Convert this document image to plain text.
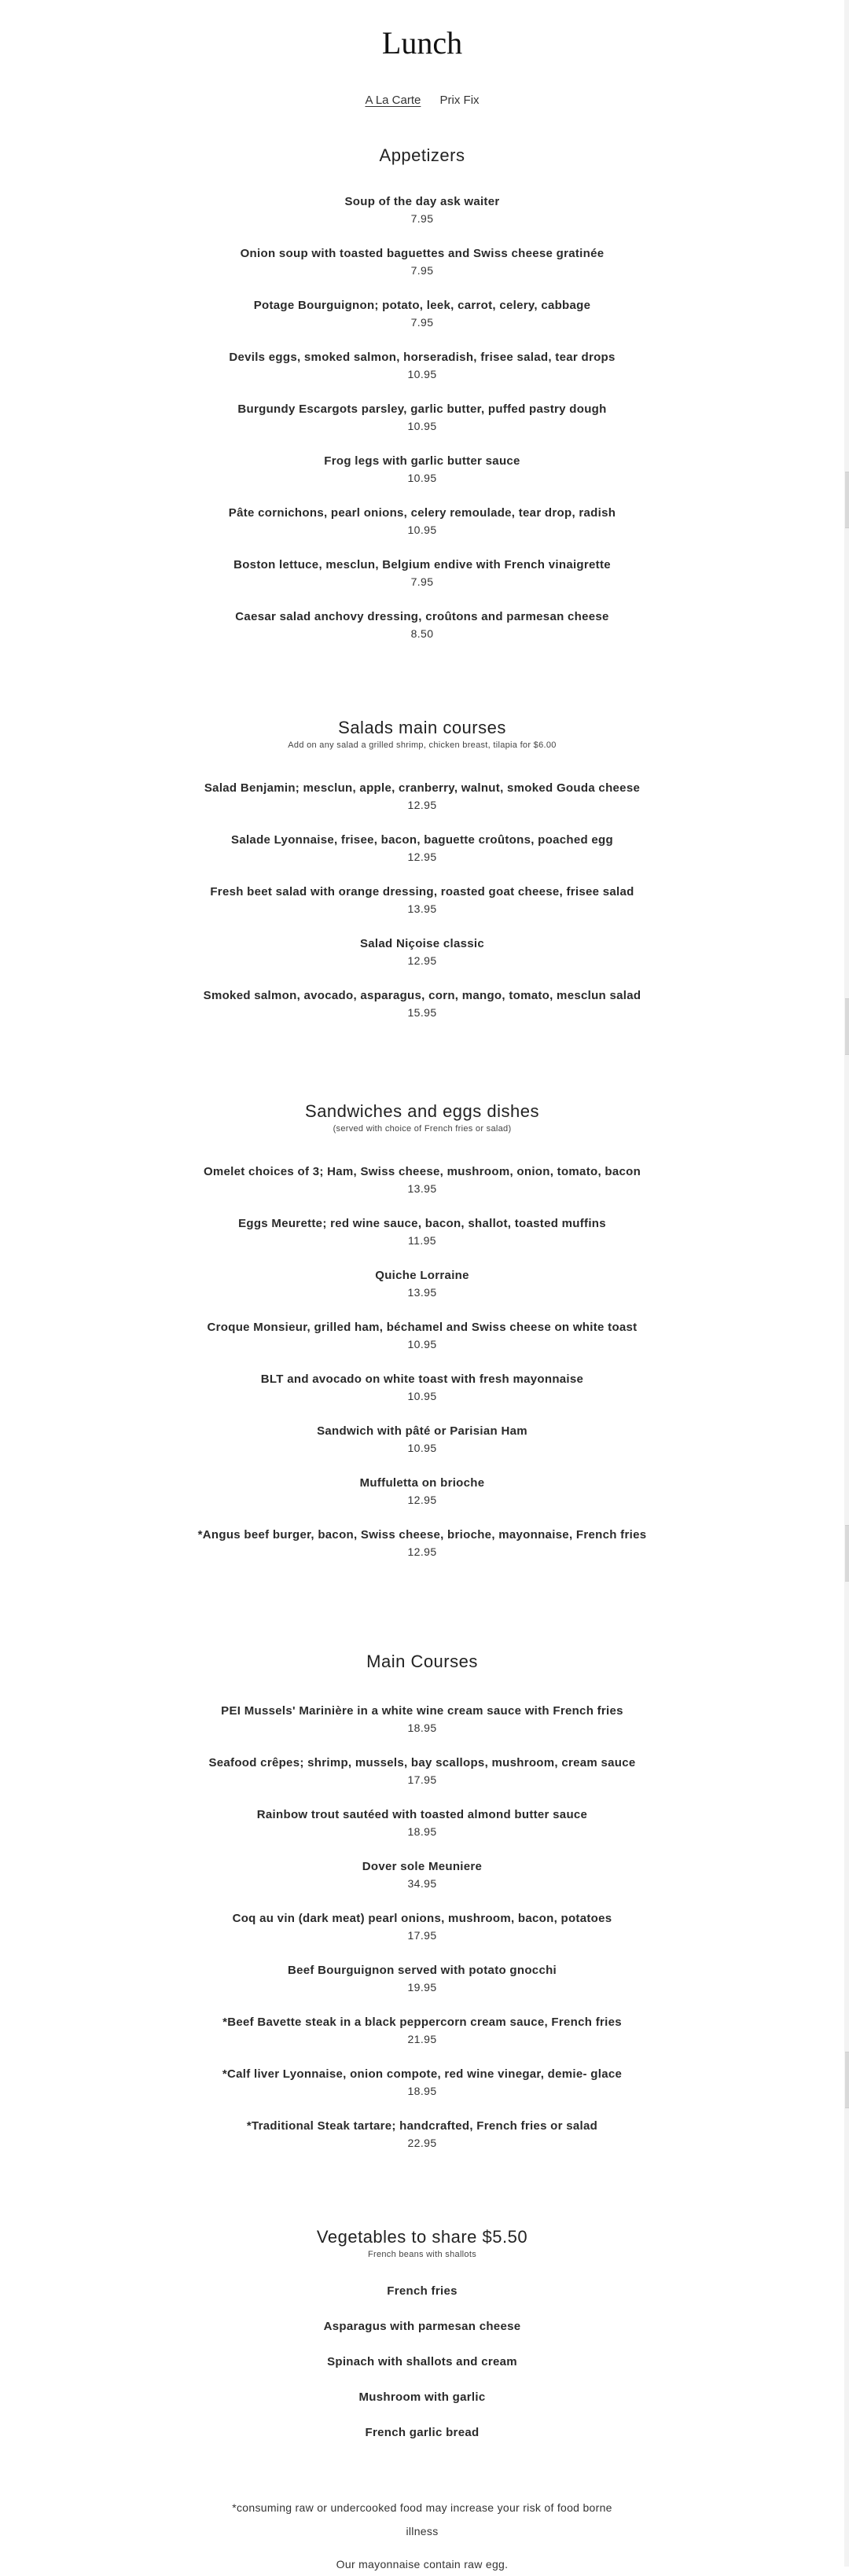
Lunch
A La Carte Prix Fix
Appetizers
Soup of the day ask waiter
7.95
Onion soup with toasted baguettes and Swiss cheese gratinée
7.95
Potage Bourguignon; potato, leek, carrot, celery, cabbage
7.95
Devils eggs, smoked salmon, horseradish, frisee salad, tear drops
10.95
Burgundy Escargots parsley, garlic butter, puffed pastry dough
10.95
Frog legs with garlic butter sauce
10.95
Pâte cornichons, pearl onions, celery remoulade, tear drop, radish
10.95
Boston lettuce, mesclun, Belgium endive with French vinaigrette
7.95
Caesar salad anchovy dressing, croûtons and parmesan cheese
8.50
Salads main courses
Add on any salad a grilled shrimp, chicken breast, tilapia for $6.00
Salad Benjamin; mesclun, apple, cranberry, walnut, smoked Gouda cheese
12.95
Salade Lyonnaise, frisee, bacon, baguette croûtons, poached egg
12.95
Fresh beet salad with orange dressing, roasted goat cheese, frisee salad
13.95
Salad Niçoise classic
12.95
Smoked salmon, avocado, asparagus, corn, mango, tomato, mesclun salad
15.95
Sandwiches and eggs dishes
(served with choice of French fries or salad)
Omelet choices of 3; Ham, Swiss cheese, mushroom, onion, tomato, bacon
13.95
Eggs Meurette; red wine sauce, bacon, shallot, toasted muffins
11.95
Quiche Lorraine
13.95
Croque Monsieur, grilled ham, béchamel and Swiss cheese on white toast
10.95
BLT and avocado on white toast with fresh mayonnaise
10.95
Sandwich with pâté or Parisian Ham
10.95
Muffuletta on brioche
12.95
*Angus beef burger, bacon, Swiss cheese, brioche, mayonnaise, French fries
12.95
Main Courses
PEI Mussels' Marinière in a white wine cream sauce with French fries
18.95
Seafood crêpes; shrimp, mussels, bay scallops, mushroom, cream sauce
17.95
Rainbow trout sautéed with toasted almond butter sauce
18.95
Dover sole Meuniere
34.95
Coq au vin (dark meat) pearl onions, mushroom, bacon, potatoes
17.95
Beef Bourguignon served with potato gnocchi
19.95
*Beef Bavette steak in a black peppercorn cream sauce, French fries
21.95
*Calf liver Lyonnaise, onion compote, red wine vinegar, demie- glace
18.95
*Traditional Steak tartare; handcrafted, French fries or salad
22.95
Vegetables to share $5.50
French beans with shallots
French fries
Asparagus with parmesan cheese
Spinach with shallots and cream
Mushroom with garlic
French garlic bread
*consuming raw or undercooked food may increase your risk of food borne illness
Our mayonnaise contain raw egg.
